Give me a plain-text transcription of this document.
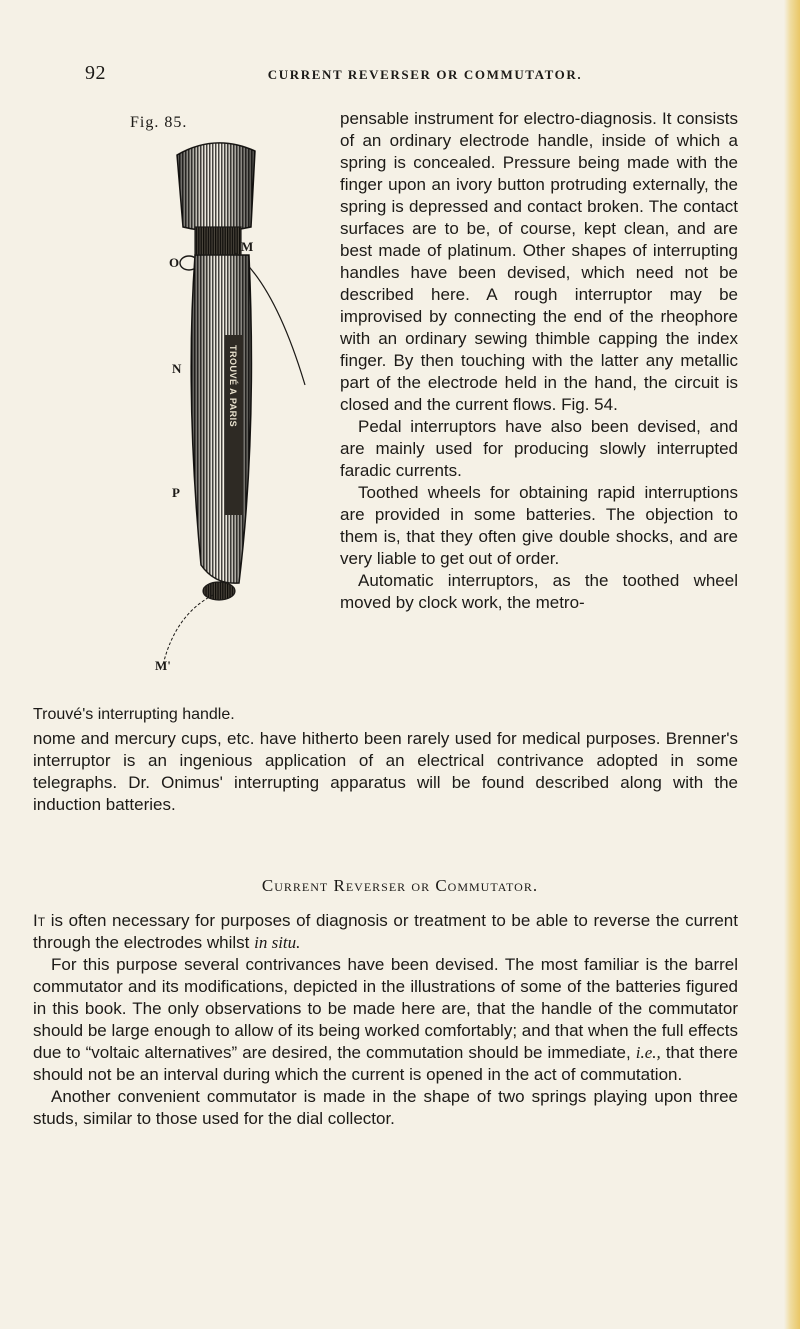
92	CURRENT REVERSER OR COMMUTATOR.
Fig. 85.
O
M
N
P
M'
TROUVÉ A PARIS
Trouvé's interrupting handle.

pensable instrument for electro-diagnosis. It consists of an ordinary electrode handle, inside of which a spring is concealed. Pressure being made with the finger upon an ivory button protruding externally, the spring is depressed and contact broken. The contact surfaces are to be, of course, kept clean, and are best made of platinum. Other shapes of interrupting handles have been devised, which need not be described here. A rough interruptor may be improvised by connecting the end of the rheophore with an ordinary sewing thimble capping the index finger. By then touching with the latter any metallic part of the electrode held in the hand, the circuit is closed and the current flows. Fig. 54.

Pedal interruptors have also been devised, and are mainly used for producing slowly interrupted faradic currents.

Toothed wheels for obtaining rapid interruptions are provided in some batteries. The objection to them is, that they often give double shocks, and are very liable to get out of order.

Automatic interruptors, as the toothed wheel moved by clock work, the metro-

nome and mercury cups, etc. have hitherto been rarely used for medical purposes. Brenner's interruptor is an ingenious application of an electrical contrivance adopted in some telegraphs. Dr. Onimus' interrupting apparatus will be found described along with the induction batteries.

Current Reverser or Commutator.

It is often necessary for purposes of diagnosis or treatment to be able to reverse the current through the electrodes whilst in situ.

For this purpose several contrivances have been devised. The most familiar is the barrel commutator and its modifications, depicted in the illustrations of some of the batteries figured in this book. The only observations to be made here are, that the handle of the commutator should be large enough to allow of its being worked comfortably; and that when the full effects due to “voltaic alternatives” are desired, the commutation should be immediate, i.e., that there should not be an interval during which the current is opened in the act of commutation.

Another convenient commutator is made in the shape of two springs playing upon three studs, similar to those used for the dial collector.
